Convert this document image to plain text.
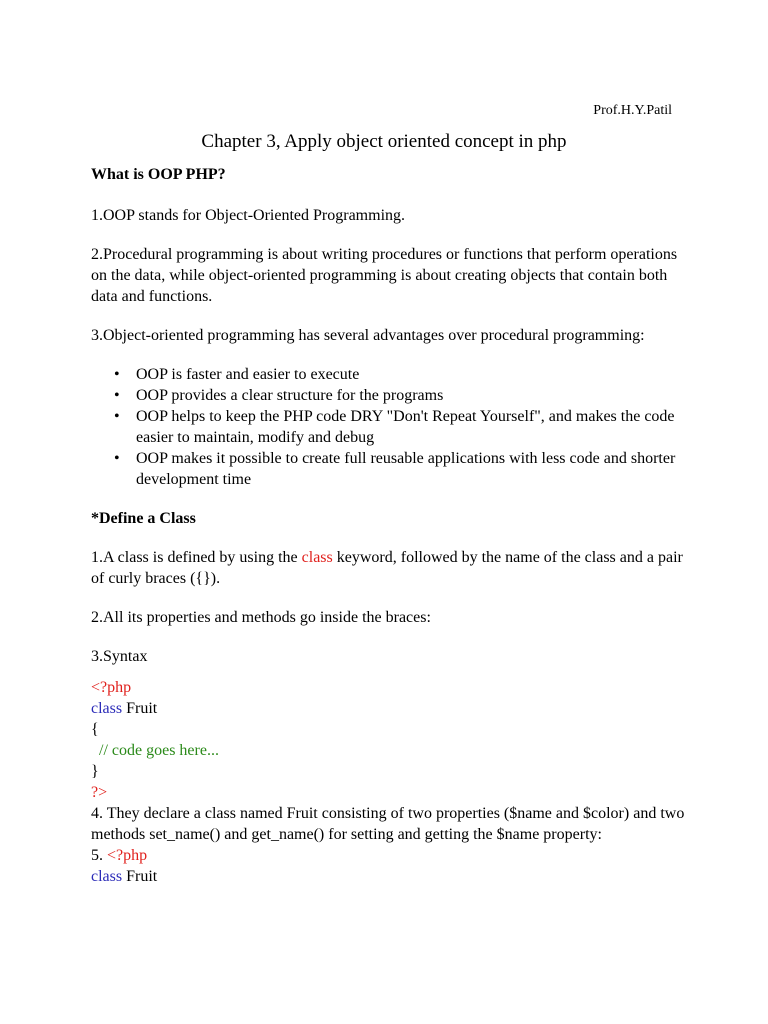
Prof.H.Y.Patil
Chapter 3, Apply object oriented concept in php

What is OOP PHP?

1.OOP stands for Object-Oriented Programming.

2.Procedural programming is about writing procedures or functions that perform operations on the data, while object-oriented programming is about creating objects that contain both data and functions.

3.Object-oriented programming has several advantages over procedural programming:

• OOP is faster and easier to execute
• OOP provides a clear structure for the programs
• OOP helps to keep the PHP code DRY "Don't Repeat Yourself", and makes the code easier to maintain, modify and debug
• OOP makes it possible to create full reusable applications with less code and shorter development time

*Define a Class

1.A class is defined by using the class keyword, followed by the name of the class and a pair of curly braces ({}).

2.All its properties and methods go inside the braces:

3.Syntax

<?php
class Fruit
{
// code goes here...
}
?>

4. They declare a class named Fruit consisting of two properties ($name and $color) and two methods set_name() and get_name() for setting and getting the $name property:

5. <?php
class Fruit
